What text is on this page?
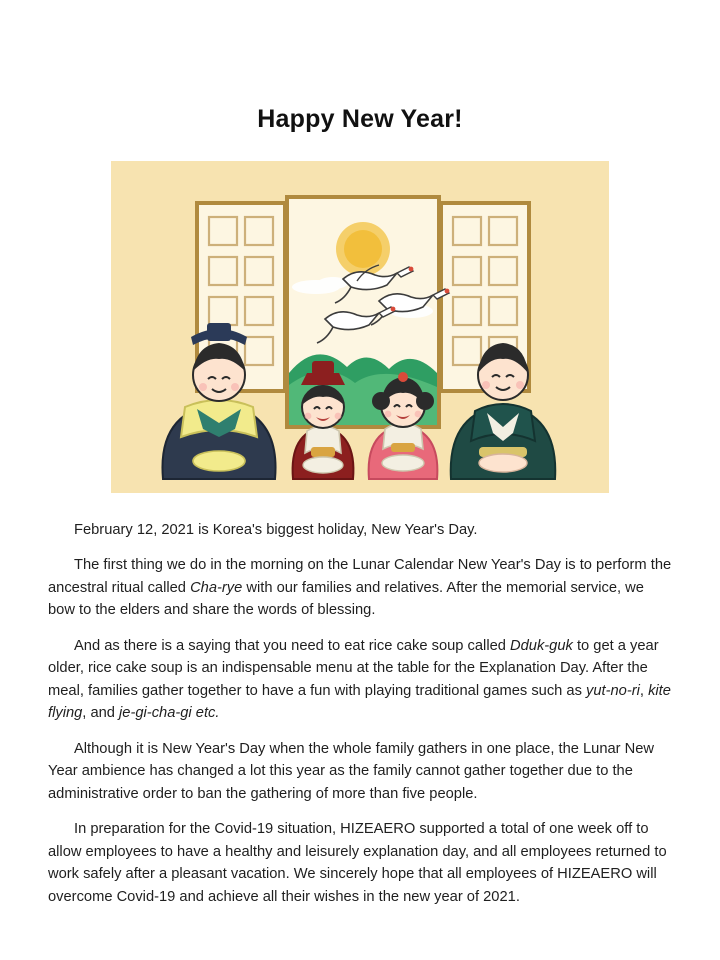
Happy New Year!

February 12, 2021 is Korea's biggest holiday, New Year's Day.

The first thing we do in the morning on the Lunar Calendar New Year's Day is to perform the ancestral ritual called Cha-rye with our families and relatives. After the memorial service, we bow to the elders and share the words of blessing.

And as there is a saying that you need to eat rice cake soup called Dduk-guk to get a year older, rice cake soup is an indispensable menu at the table for the Explanation Day. After the meal, families gather together to have a fun with playing traditional games such as yut-no-ri, kite flying, and je-gi-cha-gi etc.

Although it is New Year's Day when the whole family gathers in one place, the Lunar New Year ambience has changed a lot this year as the family cannot gather together due to the administrative order to ban the gathering of more than five people.

In preparation for the Covid-19 situation, HIZEAERO supported a total of one week off to allow employees to have a healthy and leisurely explanation day, and all employees returned to work safely after a pleasant vacation. We sincerely hope that all employees of HIZEAERO will overcome Covid-19 and achieve all their wishes in the new year of 2021.
